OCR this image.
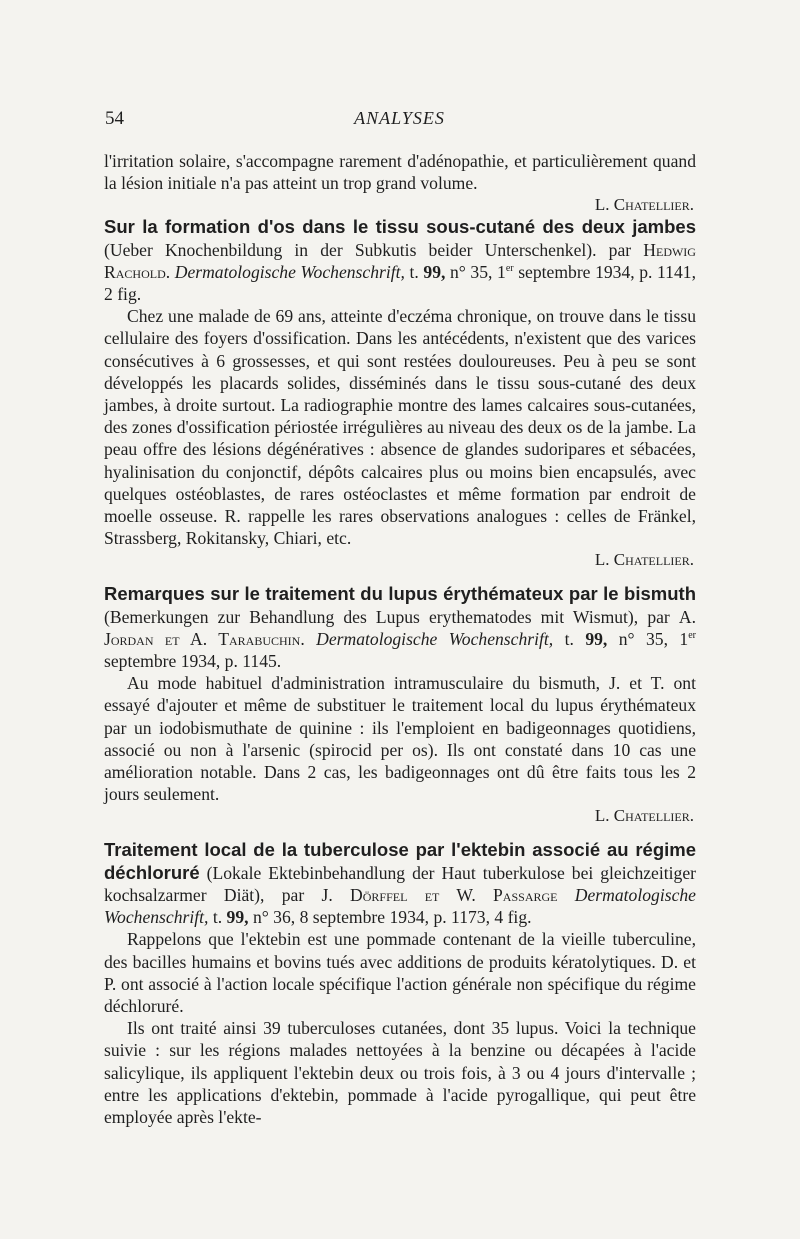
54	ANALYSES

l'irritation solaire, s'accompagne rarement d'adénopathie, et particulièrement quand la lésion initiale n'a pas atteint un trop grand volume.

L. Chatellier.

Sur la formation d'os dans le tissu sous-cutané des deux jambes (Ueber Knochenbildung in der Subkutis beider Unterschenkel). par Hedwig Rachold. Dermatologische Wochenschrift, t. 99, n° 35, 1er septembre 1934, p. 1141, 2 fig.

Chez une malade de 69 ans, atteinte d'eczéma chronique, on trouve dans le tissu cellulaire des foyers d'ossification. Dans les antécédents, n'existent que des varices consécutives à 6 grossesses, et qui sont restées douloureuses. Peu à peu se sont développés les placards solides, disséminés dans le tissu sous-cutané des deux jambes, à droite surtout. La radiographie montre des lames calcaires sous-cutanées, des zones d'ossification périostée irrégulières au niveau des deux os de la jambe. La peau offre des lésions dégénératives : absence de glandes sudoripares et sébacées, hyalinisation du conjonctif, dépôts calcaires plus ou moins bien encapsulés, avec quelques ostéoblastes, de rares ostéoclastes et même formation par endroit de moelle osseuse. R. rappelle les rares observations analogues : celles de Fränkel, Strassberg, Rokitansky, Chiari, etc.

L. Chatellier.

Remarques sur le traitement du lupus érythémateux par le bismuth (Bemerkungen zur Behandlung des Lupus erythematodes mit Wismut), par A. Jordan et A. Tarabuchin. Dermatologische Wochenschrift, t. 99, n° 35, 1er septembre 1934, p. 1145.

Au mode habituel d'administration intramusculaire du bismuth, J. et T. ont essayé d'ajouter et même de substituer le traitement local du lupus érythémateux par un iodobismuthate de quinine : ils l'emploient en badigeonnages quotidiens, associé ou non à l'arsenic (spirocid per os). Ils ont constaté dans 10 cas une amélioration notable. Dans 2 cas, les badigeonnages ont dû être faits tous les 2 jours seulement.

L. Chatellier.

Traitement local de la tuberculose par l'ektebin associé au régime déchloruré (Lokale Ektebinbehandlung der Haut tuberkulose bei gleichzeitiger kochsalzarmer Diät), par J. Dörffel et W. Passarge Dermatologische Wochenschrift, t. 99, n° 36, 8 septembre 1934, p. 1173, 4 fig.

Rappelons que l'ektebin est une pommade contenant de la vieille tuberculine, des bacilles humains et bovins tués avec additions de produits kératolytiques. D. et P. ont associé à l'action locale spécifique l'action générale non spécifique du régime déchloruré.

Ils ont traité ainsi 39 tuberculoses cutanées, dont 35 lupus. Voici la technique suivie : sur les régions malades nettoyées à la benzine ou décapées à l'acide salicylique, ils appliquent l'ektebin deux ou trois fois, à 3 ou 4 jours d'intervalle ; entre les applications d'ektebin, pommade à l'acide pyrogallique, qui peut être employée après l'ekte-
